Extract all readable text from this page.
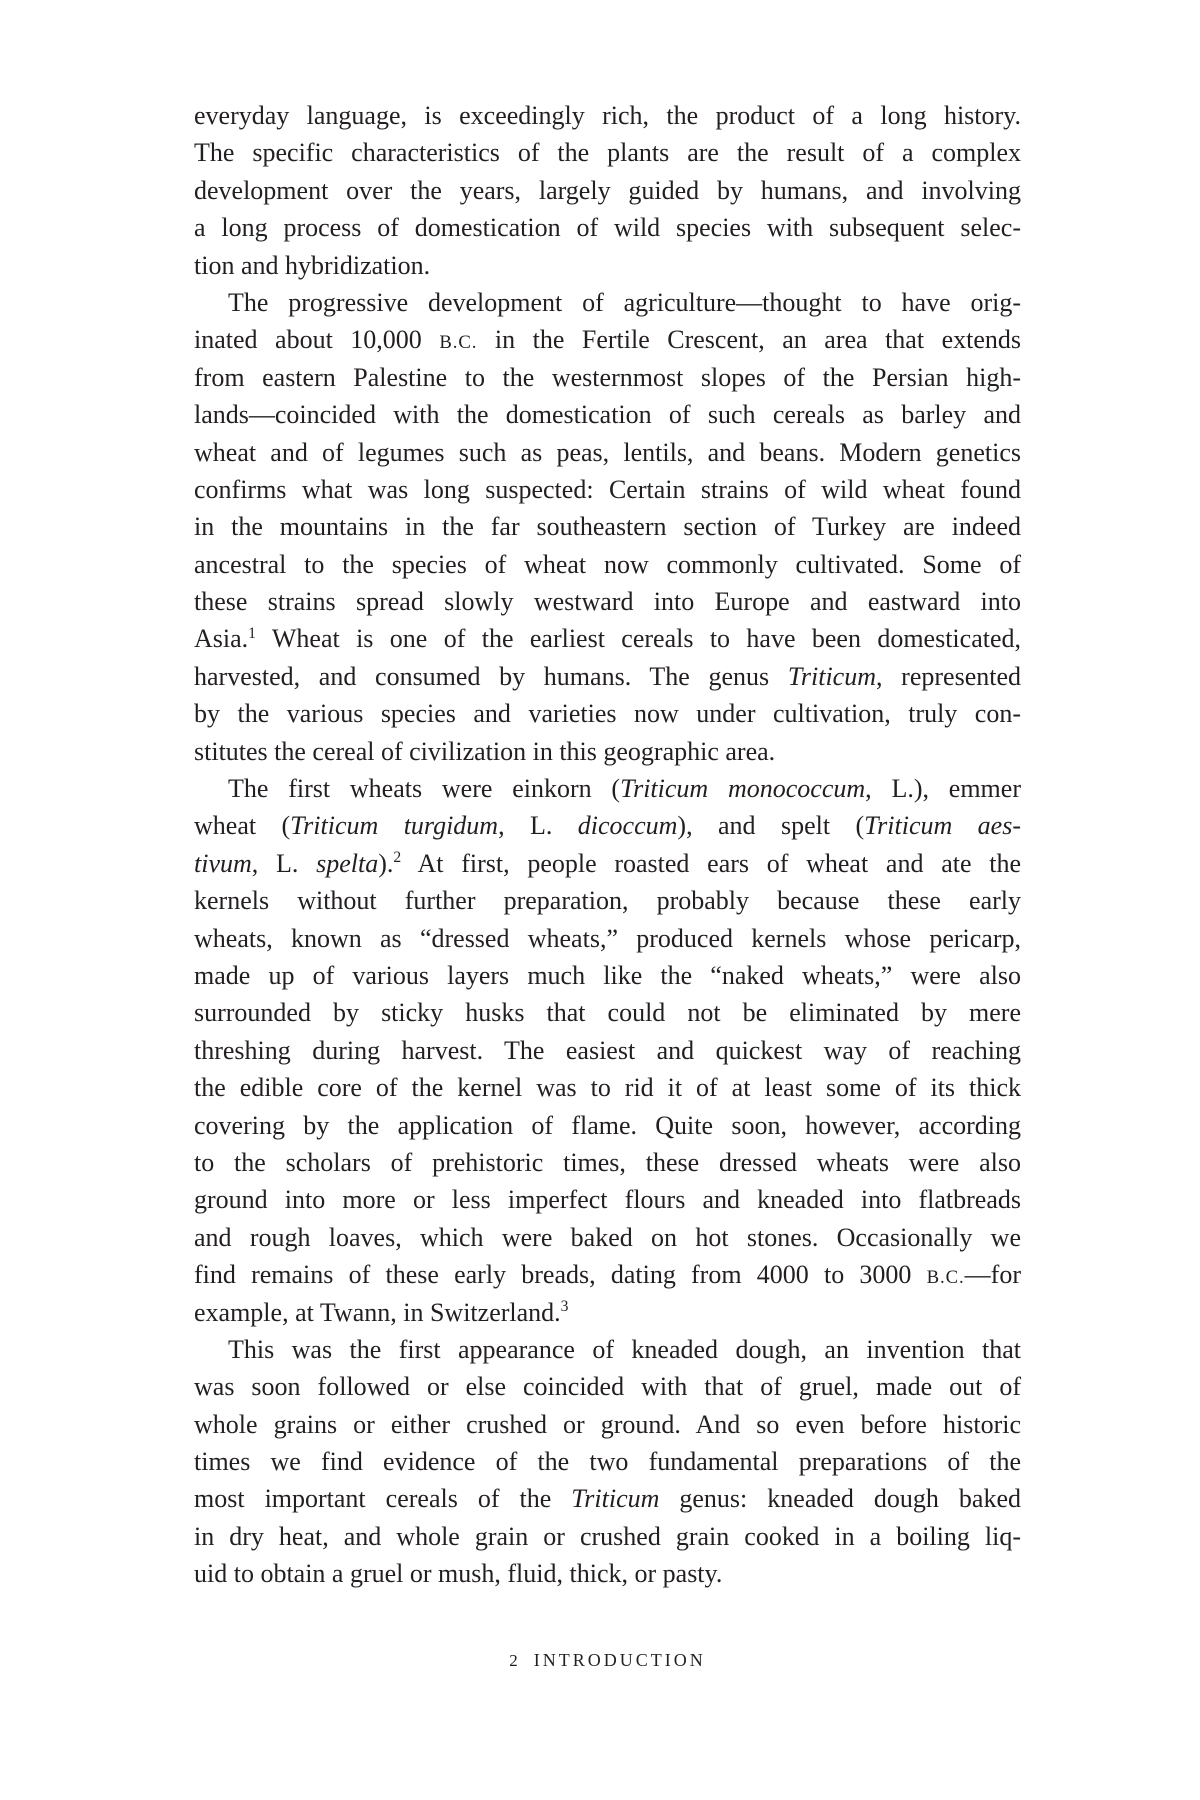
everyday language, is exceedingly rich, the product of a long history.
The specific characteristics of the plants are the result of a complex
development over the years, largely guided by humans, and involving
a long process of domestication of wild species with subsequent selec-
tion and hybridization.
The progressive development of agriculture—thought to have orig-
inated about 10,000 B.C. in the Fertile Crescent, an area that extends
from eastern Palestine to the westernmost slopes of the Persian high-
lands—coincided with the domestication of such cereals as barley and
wheat and of legumes such as peas, lentils, and beans. Modern genetics
confirms what was long suspected: Certain strains of wild wheat found
in the mountains in the far southeastern section of Turkey are indeed
ancestral to the species of wheat now commonly cultivated. Some of
these strains spread slowly westward into Europe and eastward into
Asia.$^1$ Wheat is one of the earliest cereals to have been domesticated,
harvested, and consumed by humans. The genus Triticum, represented
by the various species and varieties now under cultivation, truly con-
stitutes the cereal of civilization in this geographic area.
The first wheats were einkorn (Triticum monococcum, L.), emmer
wheat (Triticum turgidum, L. dicoccum), and spelt (Triticum aes-
tivum, L. spelta).$^2$ At first, people roasted ears of wheat and ate the
kernels without further preparation, probably because these early
wheats, known as “dressed wheats,” produced kernels whose pericarp,
made up of various layers much like the “naked wheats,” were also
surrounded by sticky husks that could not be eliminated by mere
threshing during harvest. The easiest and quickest way of reaching
the edible core of the kernel was to rid it of at least some of its thick
covering by the application of flame. Quite soon, however, according
to the scholars of prehistoric times, these dressed wheats were also
ground into more or less imperfect flours and kneaded into flatbreads
and rough loaves, which were baked on hot stones. Occasionally we
find remains of these early breads, dating from 4000 to 3000 B.C.—for
example, at Twann, in Switzerland.$^3$
This was the first appearance of kneaded dough, an invention that
was soon followed or else coincided with that of gruel, made out of
whole grains or either crushed or ground. And so even before historic
times we find evidence of the two fundamental preparations of the
most important cereals of the Triticum genus: kneaded dough baked
in dry heat, and whole grain or crushed grain cooked in a boiling liq-
uid to obtain a gruel or mush, fluid, thick, or pasty.
2 INTRODUCTION
